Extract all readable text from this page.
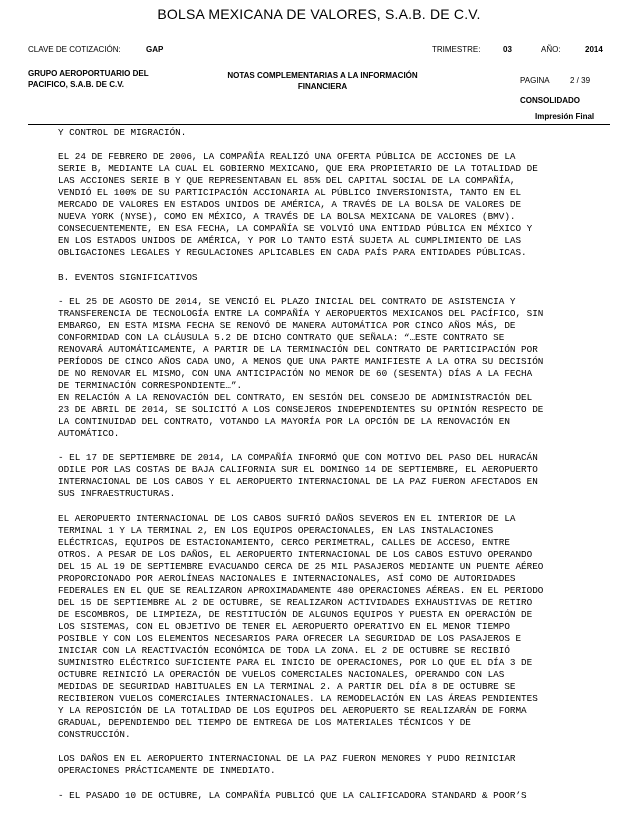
BOLSA MEXICANA DE VALORES, S.A.B. DE C.V.
CLAVE DE COTIZACIÓN:	GAP	TRIMESTRE:	03	AÑO:	2014
GRUPO AEROPORTUARIO DEL
PACIFICO, S.A.B. DE C.V.
NOTAS COMPLEMENTARIAS A LA INFORMACIÓN
FINANCIERA
PAGINA	2 / 39
CONSOLIDADO
Impresión Final
Y CONTROL DE MIGRACIÓN.
EL 24 DE FEBRERO DE 2006, LA COMPAÑÍA REALIZÓ UNA OFERTA PÚBLICA DE ACCIONES DE LA
SERIE B, MEDIANTE LA CUAL EL GOBIERNO MEXICANO, QUE ERA PROPIETARIO DE LA TOTALIDAD DE
LAS ACCIONES SERIE B Y QUE REPRESENTABAN EL 85% DEL CAPITAL SOCIAL DE LA COMPAÑÍA,
VENDIÓ EL 100% DE SU PARTICIPACIÓN ACCIONARIA AL PÚBLICO INVERSIONISTA, TANTO EN EL
MERCADO DE VALORES EN ESTADOS UNIDOS DE AMÉRICA, A TRAVÉS DE LA BOLSA DE VALORES DE
NUEVA YORK (NYSE), COMO EN MÉXICO, A TRAVÉS DE LA BOLSA MEXICANA DE VALORES (BMV).
CONSECUENTEMENTE, EN ESA FECHA, LA COMPAÑÍA SE VOLVIÓ UNA ENTIDAD PÚBLICA EN MÉXICO Y
EN LOS ESTADOS UNIDOS DE AMÉRICA, Y POR LO TANTO ESTÁ SUJETA AL CUMPLIMIENTO DE LAS
OBLIGACIONES LEGALES Y REGULACIONES APLICABLES EN CADA PAÍS PARA ENTIDADES PÚBLICAS.
B. EVENTOS SIGNIFICATIVOS
- EL 25 DE AGOSTO DE 2014, SE VENCIÓ EL PLAZO INICIAL DEL CONTRATO DE ASISTENCIA Y
TRANSFERENCIA DE TECNOLOGÍA ENTRE LA COMPAÑÍA Y AEROPUERTOS MEXICANOS DEL PACÍFICO, SIN
EMBARGO, EN ESTA MISMA FECHA SE RENOVÓ DE MANERA AUTOMÁTICA POR CINCO AÑOS MÁS, DE
CONFORMIDAD CON LA CLÁUSULA 5.2 DE DICHO CONTRATO QUE SEÑALA: “…ESTE CONTRATO SE
RENOVARÁ AUTOMÁTICAMENTE, A PARTIR DE LA TERMINACIÓN DEL CONTRATO DE PARTICIPACIÓN POR
PERÍODOS DE CINCO AÑOS CADA UNO, A MENOS QUE UNA PARTE MANIFIESTE A LA OTRA SU DECISIÓN
DE NO RENOVAR EL MISMO, CON UNA ANTICIPACIÓN NO MENOR DE 60 (SESENTA) DÍAS A LA FECHA
DE TERMINACIÓN CORRESPONDIENTE…”.
EN RELACIÓN A LA RENOVACIÓN DEL CONTRATO, EN SESIÓN DEL CONSEJO DE ADMINISTRACIÓN DEL
23 DE ABRIL DE 2014, SE SOLICITÓ A LOS CONSEJEROS INDEPENDIENTES SU OPINIÓN RESPECTO DE
LA CONTINUIDAD DEL CONTRATO, VOTANDO LA MAYORÍA POR LA OPCIÓN DE LA RENOVACIÓN EN
AUTOMÁTICO.
- EL 17 DE SEPTIEMBRE DE 2014, LA COMPAÑÍA INFORMÓ QUE CON MOTIVO DEL PASO DEL HURACÁN
ODILE POR LAS COSTAS DE BAJA CALIFORNIA SUR EL DOMINGO 14 DE SEPTIEMBRE, EL AEROPUERTO
INTERNACIONAL DE LOS CABOS Y EL AEROPUERTO INTERNACIONAL DE LA PAZ FUERON AFECTADOS EN
SUS INFRAESTRUCTURAS.
EL AEROPUERTO INTERNACIONAL DE LOS CABOS SUFRIÓ DAÑOS SEVEROS EN EL INTERIOR DE LA
TERMINAL 1 Y LA TERMINAL 2, EN LOS EQUIPOS OPERACIONALES, EN LAS INSTALACIONES
ELÉCTRICAS, EQUIPOS DE ESTACIONAMIENTO, CERCO PERIMETRAL, CALLES DE ACCESO, ENTRE
OTROS. A PESAR DE LOS DAÑOS, EL AEROPUERTO INTERNACIONAL DE LOS CABOS ESTUVO OPERANDO
DEL 15 AL 19 DE SEPTIEMBRE EVACUANDO CERCA DE 25 MIL PASAJEROS MEDIANTE UN PUENTE AÉREO
PROPORCIONADO POR AEROLÍNEAS NACIONALES E INTERNACIONALES, ASÍ COMO DE AUTORIDADES
FEDERALES EN EL QUE SE REALIZARON APROXIMADAMENTE 480 OPERACIONES AÉREAS. EN EL PERIODO
DEL 15 DE SEPTIEMBRE AL 2 DE OCTUBRE, SE REALIZARON ACTIVIDADES EXHAUSTIVAS DE RETIRO
DE ESCOMBROS, DE LIMPIEZA, DE RESTITUCIÓN DE ALGUNOS EQUIPOS Y PUESTA EN OPERACIÓN DE
LOS SISTEMAS, CON EL OBJETIVO DE TENER EL AEROPUERTO OPERATIVO EN EL MENOR TIEMPO
POSIBLE Y CON LOS ELEMENTOS NECESARIOS PARA OFRECER LA SEGURIDAD DE LOS PASAJEROS E
INICIAR CON LA REACTIVACIÓN ECONÓMICA DE TODA LA ZONA. EL 2 DE OCTUBRE SE RECIBIÓ
SUMINISTRO ELÉCTRICO SUFICIENTE PARA EL INICIO DE OPERACIONES, POR LO QUE EL DÍA 3 DE
OCTUBRE REINICIÓ LA OPERACIÓN DE VUELOS COMERCIALES NACIONALES, OPERANDO CON LAS
MEDIDAS DE SEGURIDAD HABITUALES EN LA TERMINAL 2. A PARTIR DEL DÍA 8 DE OCTUBRE SE
RECIBIERON VUELOS COMERCIALES INTERNACIONALES. LA REMODELACIÓN EN LAS ÁREAS PENDIENTES
Y LA REPOSICIÓN DE LA TOTALIDAD DE LOS EQUIPOS DEL AEROPUERTO SE REALIZARÁN DE FORMA
GRADUAL, DEPENDIENDO DEL TIEMPO DE ENTREGA DE LOS MATERIALES TÉCNICOS Y DE
CONSTRUCCIÓN.
LOS DAÑOS EN EL AEROPUERTO INTERNACIONAL DE LA PAZ FUERON MENORES Y PUDO REINICIAR
OPERACIONES PRÁCTICAMENTE DE INMEDIATO.
- EL PASADO 10 DE OCTUBRE, LA COMPAÑÍA PUBLICÓ QUE LA CALIFICADORA STANDARD & POOR’S
